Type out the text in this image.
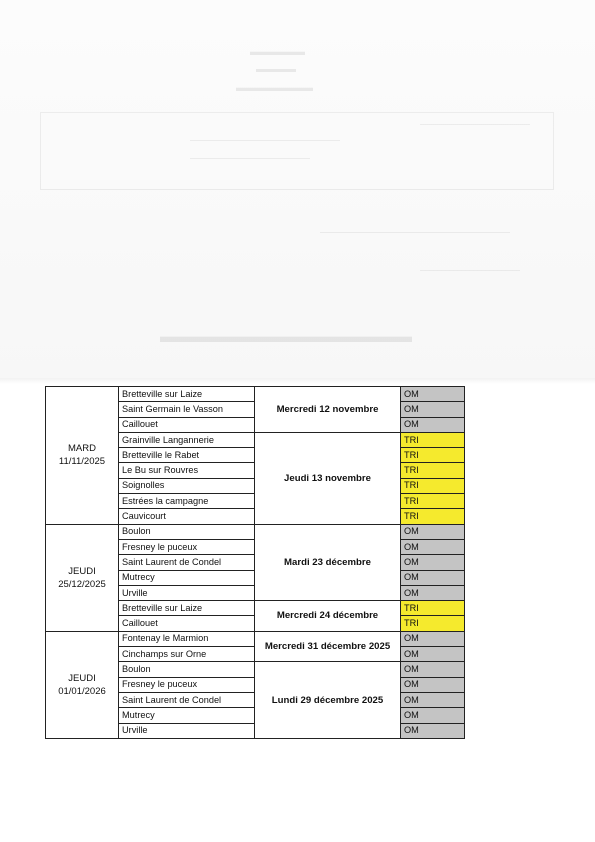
▬▬▬▬▬
▬▬▬▬
▬▬▬▬▬▬▬
▬▬▬▬▬▬▬▬▬▬▬▬▬▬
MARD
11/11/2025	Bretteville sur Laize	Mercredi 12 novembre	OM
	Saint Germain le Vasson		OM
	Caillouet		OM
	Grainville Langannerie	Jeudi 13 novembre	TRI
	Bretteville le Rabet		TRI
	Le Bu sur Rouvres		TRI
	Soignolles		TRI
	Estrées la campagne		TRI
	Cauvicourt		TRI

JEUDI
25/12/2025	Boulon	Mardi 23 décembre	OM
	Fresney le puceux		OM
	Saint Laurent de Condel		OM
	Mutrecy		OM
	Urville		OM
	Bretteville sur Laize	Mercredi 24 décembre	TRI
	Caillouet		TRI

JEUDI
01/01/2026	Fontenay le Marmion	Mercredi 31 décembre 2025	OM
	Cinchamps sur Orne		OM
	Boulon	Lundi 29 décembre 2025	OM
	Fresney le puceux		OM
	Saint Laurent de Condel		OM
	Mutrecy		OM
	Urville		OM
